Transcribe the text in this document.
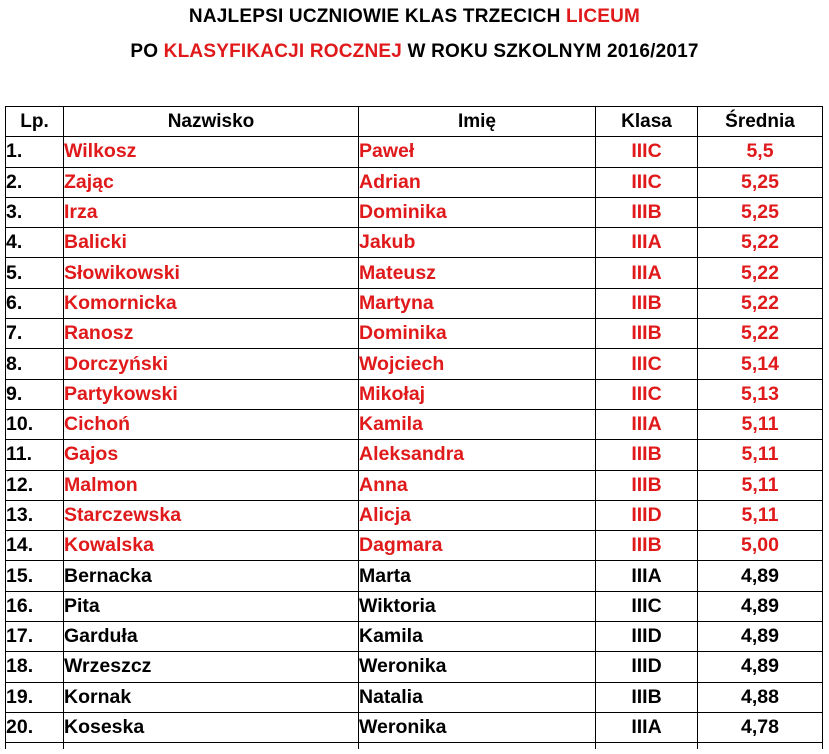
NAJLEPSI UCZNIOWIE KLAS TRZECICH LICEUM
PO KLASYFIKACJI ROCZNEJ W ROKU SZKOLNYM 2016/2017
Lp.	Nazwisko	Imię	Klasa	Średnia
1.	Wilkosz	Paweł	IIIC	5,5
2.	Zając	Adrian	IIIC	5,25
3.	Irza	Dominika	IIIB	5,25
4.	Balicki	Jakub	IIIA	5,22
5.	Słowikowski	Mateusz	IIIA	5,22
6.	Komornicka	Martyna	IIIB	5,22
7.	Ranosz	Dominika	IIIB	5,22
8.	Dorczyński	Wojciech	IIIC	5,14
9.	Partykowski	Mikołaj	IIIC	5,13
10.	Cichoń	Kamila	IIIA	5,11
11.	Gajos	Aleksandra	IIIB	5,11
12.	Malmon	Anna	IIIB	5,11
13.	Starczewska	Alicja	IIID	5,11
14.	Kowalska	Dagmara	IIIB	5,00
15.	Bernacka	Marta	IIIA	4,89
16.	Pita	Wiktoria	IIIC	4,89
17.	Garduła	Kamila	IIID	4,89
18.	Wrzeszcz	Weronika	IIID	4,89
19.	Kornak	Natalia	IIIB	4,88
20.	Koseska	Weronika	IIIA	4,78
